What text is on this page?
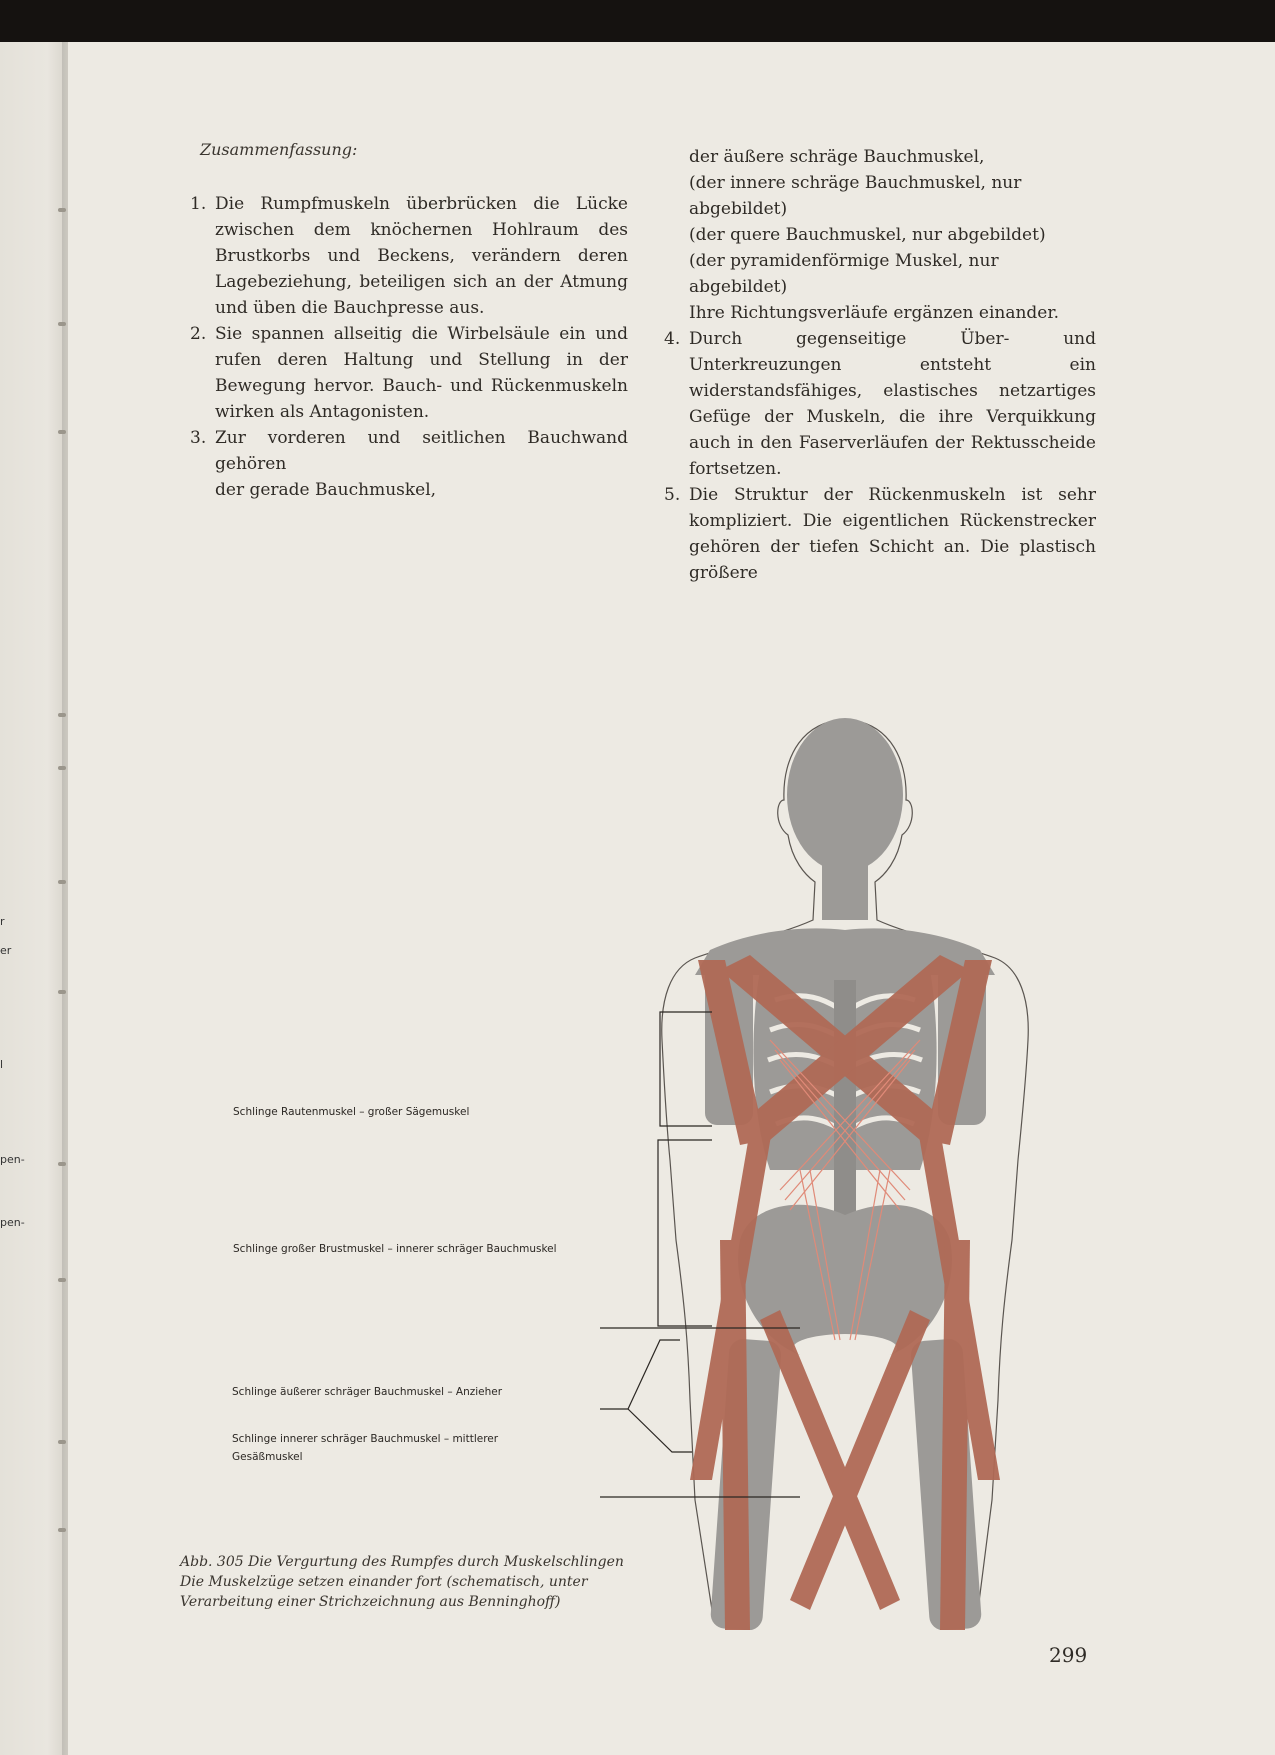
r
er
l
pen-
pen-
Zusammenfassung:
1. Die Rumpfmuskeln überbrücken die Lücke zwischen dem knöchernen Hohlraum des Brustkorbs und Beckens, verändern deren Lagebeziehung, beteiligen sich an der Atmung und üben die Bauchpresse aus.
2. Sie spannen allseitig die Wirbelsäule ein und rufen deren Haltung und Stellung in der Bewegung hervor. Bauch- und Rückenmuskeln wirken als Antagonisten.
3. Zur vorderen und seitlichen Bauchwand gehören
der gerade Bauchmuskel,
der äußere schräge Bauchmuskel,
(der innere schräge Bauchmuskel, nur abgebildet)
(der quere Bauchmuskel, nur abgebildet)
(der pyramidenförmige Muskel, nur abgebildet)
Ihre Richtungsverläufe ergänzen einander.
4. Durch gegenseitige Über- und Unterkreuzungen entsteht ein widerstandsfähiges, elastisches netzartiges Gefüge der Muskeln, die ihre Verquikkung auch in den Faserverläufen der Rektusscheide fortsetzen.
5. Die Struktur der Rückenmuskeln ist sehr kompliziert. Die eigentlichen Rückenstrecker gehören der tiefen Schicht an. Die plastisch größere
Schlinge Rautenmuskel – großer Sägemuskel
Schlinge großer Brustmuskel – innerer schräger Bauchmuskel
Schlinge äußerer schräger Bauchmuskel – Anzieher
Schlinge innerer schräger Bauchmuskel – mittlerer
Gesäßmuskel
Abb. 305 Die Vergurtung des Rumpfes durch Muskelschlingen
Die Muskelzüge setzen einander fort (schematisch, unter
Verarbeitung einer Strichzeichnung aus Benninghoff)
299
